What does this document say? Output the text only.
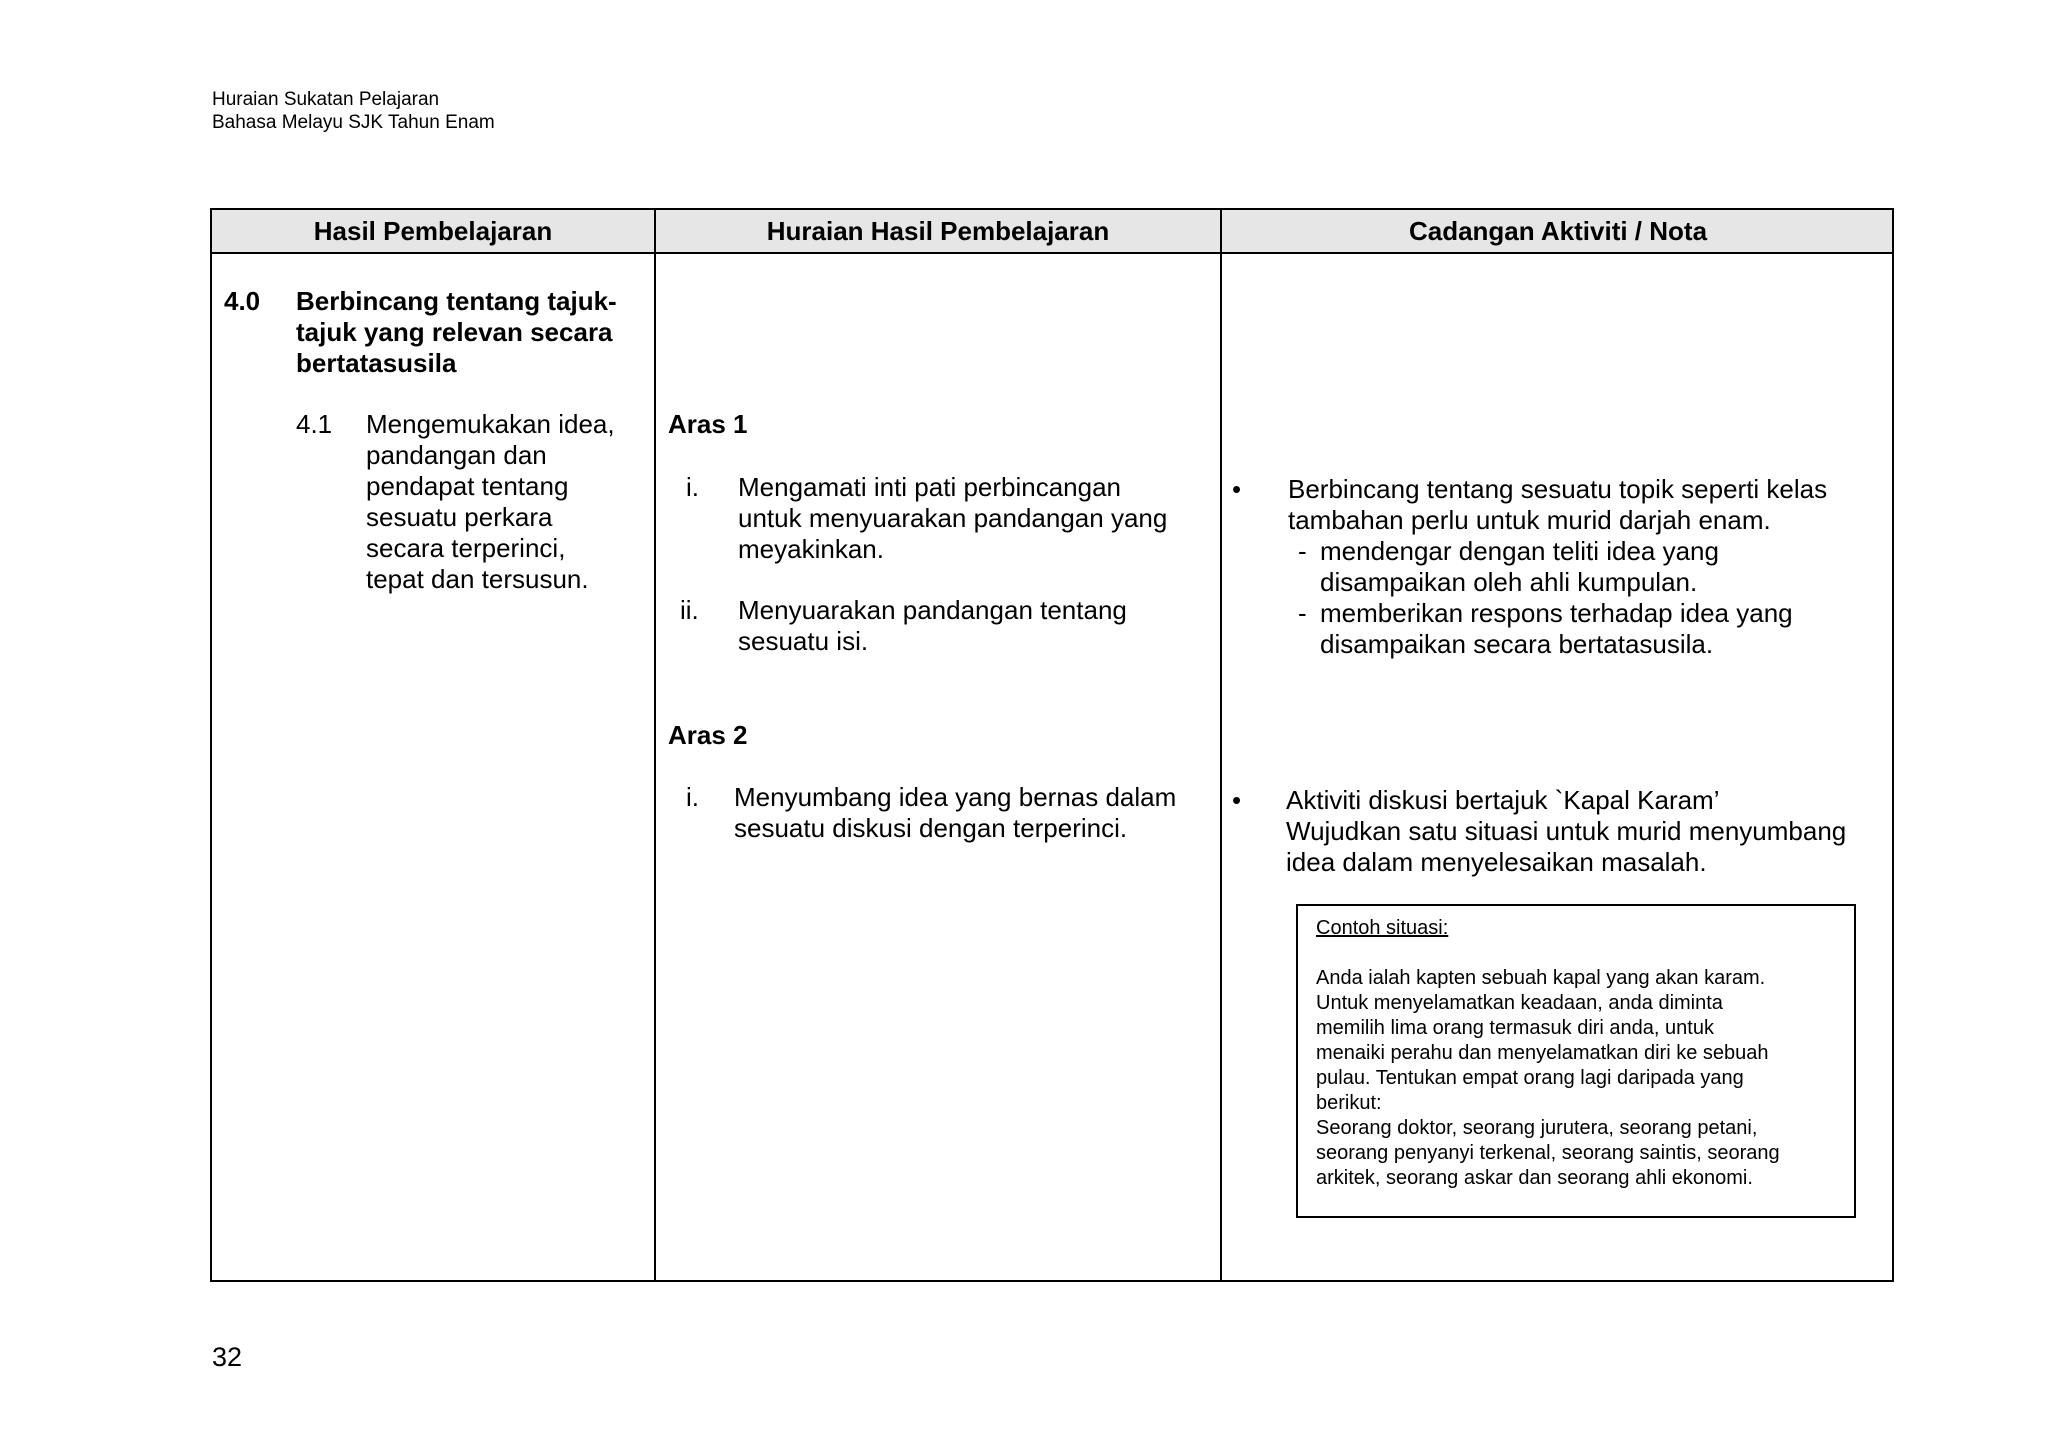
Huraian Sukatan Pelajaran
Bahasa Melayu SJK Tahun Enam
Hasil Pembelajaran	Huraian Hasil Pembelajaran	Cadangan Aktiviti / Nota
4.0 Berbincang tentang tajuk-
tajuk yang relevan secara
bertatasusila
4.1 Mengemukakan idea,
pandangan dan
pendapat tentang
sesuatu perkara
secara terperinci,
tepat dan tersusun.
Aras 1
i. Mengamati inti pati perbincangan
untuk menyuarakan pandangan yang
meyakinkan.
ii. Menyuarakan pandangan tentang
sesuatu isi.
Aras 2
i. Menyumbang idea yang bernas dalam
sesuatu diskusi dengan terperinci.
• Berbincang tentang sesuatu topik seperti kelas
tambahan perlu untuk murid darjah enam.
- mendengar dengan teliti idea yang
disampaikan oleh ahli kumpulan.
- memberikan respons terhadap idea yang
disampaikan secara bertatasusila.
• Aktiviti diskusi bertajuk `Kapal Karam’
Wujudkan satu situasi untuk murid menyumbang
idea dalam menyelesaikan masalah.
Contoh situasi:
Anda ialah kapten sebuah kapal yang akan karam.
Untuk menyelamatkan keadaan, anda diminta
memilih lima orang termasuk diri anda, untuk
menaiki perahu dan menyelamatkan diri ke sebuah
pulau. Tentukan empat orang lagi daripada yang
berikut:
Seorang doktor, seorang jurutera, seorang petani,
seorang penyanyi terkenal, seorang saintis, seorang
arkitek, seorang askar dan seorang ahli ekonomi.
32
